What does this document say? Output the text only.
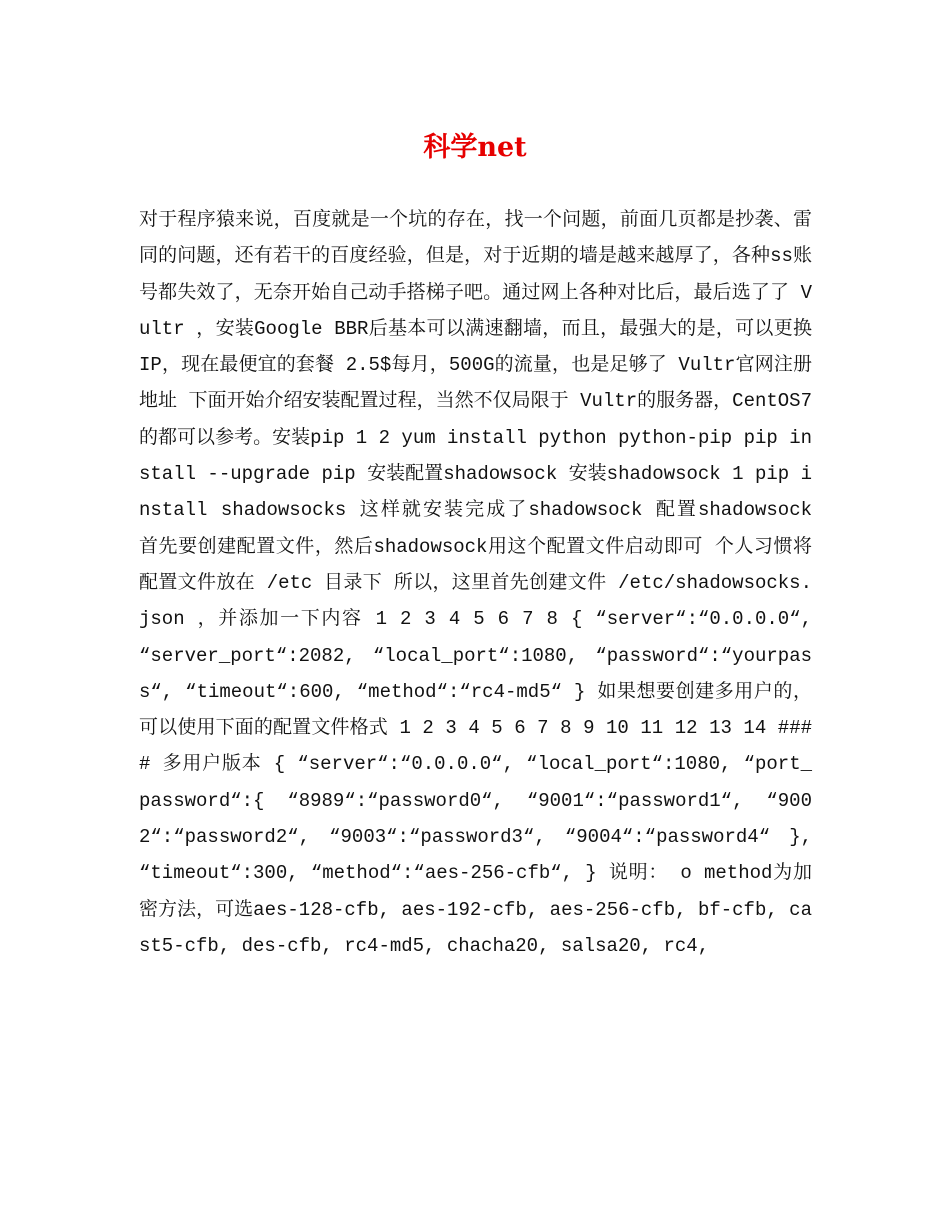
科学net
对于程序猿来说，百度就是一个坑的存在，找一个问题，前面几页都是抄袭、雷同的问题，还有若干的百度经验，但是，对于近期的墙是越来越厚了，各种ss账号都失效了，无奈开始自己动手搭梯子吧。通过网上各种对比后，最后选了了 Vultr ，安装Google BBR后基本可以满速翻墙，而且，最强大的是，可以更换IP，现在最便宜的套餐 2.5$每月，500G的流量，也是足够了 Vultr官网注册地址 下面开始介绍安装配置过程，当然不仅局限于 Vultr的服务器，CentOS7的都可以参考。安装pip 1 2 yum install python python-pip pip install --upgrade pip 安装配置shadowsock 安装shadowsock 1 pip install shadowsocks 这样就安装完成了shadowsock 配置shadowsock 首先要创建配置文件，然后shadowsock用这个配置文件启动即可 个人习惯将配置文件放在 /etc 目录下 所以，这里首先创建文件 /etc/shadowsocks.json ，并添加一下内容 1 2 3 4 5 6 7 8 { “server“:“0.0.0.0“, “server_port“:2082, “local_port“:1080, “password“:“yourpass“, “timeout“:600, “method“:“rc4-md5“ } 如果想要创建多用户的， 可以使用下面的配置文件格式 1 2 3 4 5 6 7 8 9 10 11 12 13 14 #### 多用户版本 { “server“:“0.0.0.0“, “local_port“:1080, “port_password“:{ “8989“:“password0“, “9001“:“password1“, “9002“:“password2“, “9003“:“password3“, “9004“:“password4“ }, “timeout“:300, “method“:“aes-256-cfb“, } 说明： o method为加密方法，可选aes-128-cfb, aes-192-cfb, aes-256-cfb, bf-cfb, cast5-cfb, des-cfb, rc4-md5, chacha20, salsa20, rc4,
